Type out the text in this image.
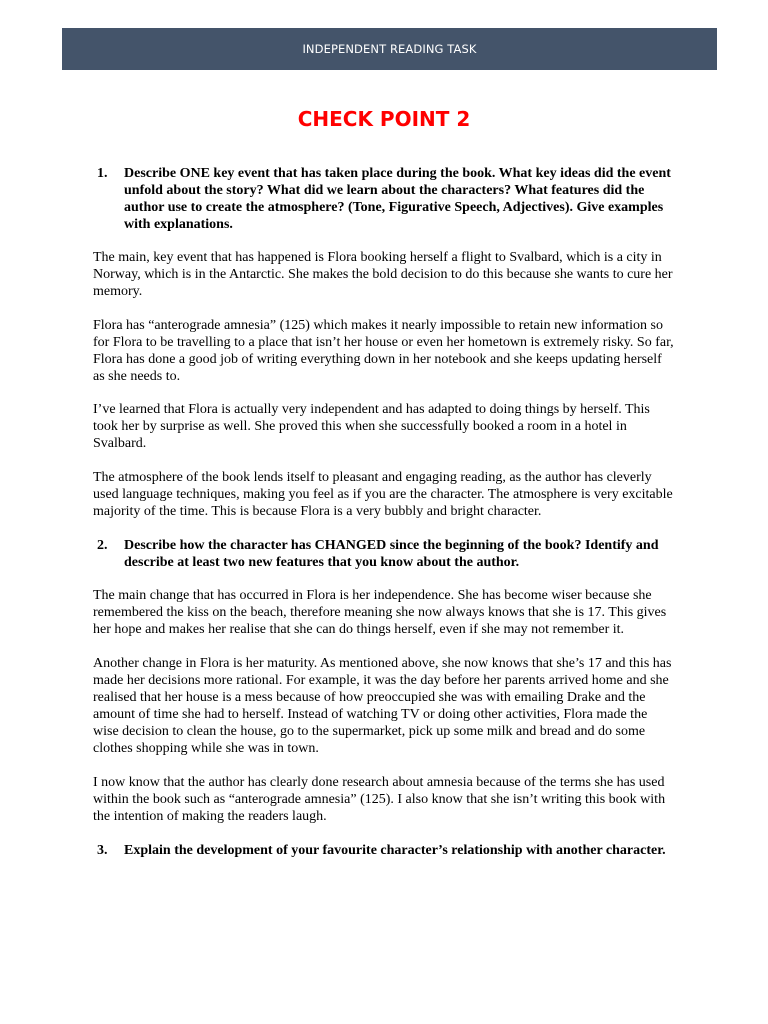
INDEPENDENT READING TASK
CHECK POINT 2
1.	Describe ONE key event that has taken place during the book. What key ideas did the event unfold about the story? What did we learn about the characters? What features did the author use to create the atmosphere? (Tone, Figurative Speech, Adjectives). Give examples with explanations.

The main, key event that has happened is Flora booking herself a flight to Svalbard, which is a city in Norway, which is in the Antarctic. She makes the bold decision to do this because she wants to cure her memory.

Flora has “anterograde amnesia” (125) which makes it nearly impossible to retain new information so for Flora to be travelling to a place that isn’t her house or even her hometown is extremely risky. So far, Flora has done a good job of writing everything down in her notebook and she keeps updating herself as she needs to.

I’ve learned that Flora is actually very independent and has adapted to doing things by herself. This took her by surprise as well. She proved this when she successfully booked a room in a hotel in Svalbard.

The atmosphere of the book lends itself to pleasant and engaging reading, as the author has cleverly used language techniques, making you feel as if you are the character. The atmosphere is very excitable majority of the time. This is because Flora is a very bubbly and bright character.

2.	Describe how the character has CHANGED since the beginning of the book? Identify and describe at least two new features that you know about the author.

The main change that has occurred in Flora is her independence. She has become wiser because she remembered the kiss on the beach, therefore meaning she now always knows that she is 17. This gives her hope and makes her realise that she can do things herself, even if she may not remember it.

Another change in Flora is her maturity. As mentioned above, she now knows that she’s 17 and this has made her decisions more rational. For example, it was the day before her parents arrived home and she realised that her house is a mess because of how preoccupied she was with emailing Drake and the amount of time she had to herself. Instead of watching TV or doing other activities, Flora made the wise decision to clean the house, go to the supermarket, pick up some milk and bread and do some clothes shopping while she was in town.

I now know that the author has clearly done research about amnesia because of the terms she has used within the book such as “anterograde amnesia” (125). I also know that she isn’t writing this book with the intention of making the readers laugh.

3.	Explain the development of your favourite character’s relationship with another character.
